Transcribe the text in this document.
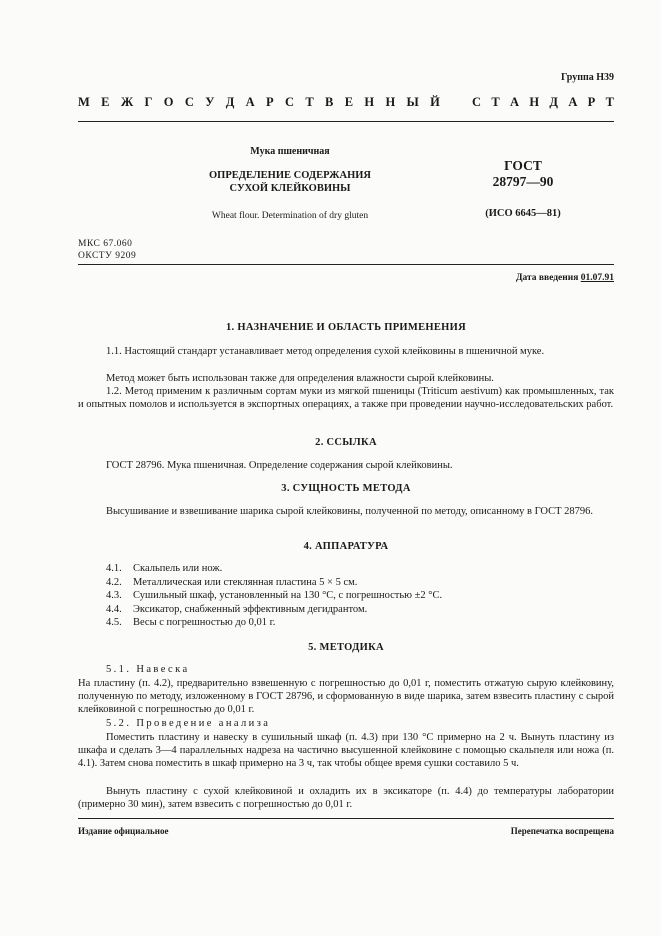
Группа Н39
М Е Ж Г О С У Д А Р С Т В Е Н Н Ы Й	С Т А Н Д А Р Т
Мука пшеничная
ОПРЕДЕЛЕНИЕ СОДЕРЖАНИЯ
СУХОЙ КЛЕЙКОВИНЫ
Wheat flour. Determination of dry gluten
ГОСТ
28797—90
(ИСО 6645—81)
МКС 67.060
ОКСТУ 9209
Дата введения 01.07.91
1. НАЗНАЧЕНИЕ И ОБЛАСТЬ ПРИМЕНЕНИЯ
1.1. Настоящий стандарт устанавливает метод определения сухой клейковины в пшеничной муке.
Метод может быть использован также для определения влажности сырой клейковины.
1.2. Метод применим к различным сортам муки из мягкой пшеницы (Triticum aestivum) как промышленных, так и опытных помолов и используется в экспортных операциях, а также при проведении научно-исследовательских работ.
2. ССЫЛКА
ГОСТ 28796. Мука пшеничная. Определение содержания сырой клейковины.
3. СУЩНОСТЬ МЕТОДА
Высушивание и взвешивание шарика сырой клейковины, полученной по методу, описанному в ГОСТ 28796.
4. АППАРАТУРА
4.1. Скальпель или нож.
4.2. Металлическая или стеклянная пластина 5 × 5 см.
4.3. Сушильный шкаф, установленный на 130 °С, с погрешностью ±2 °С.
4.4. Эксикатор, снабженный эффективным дегидрантом.
4.5. Весы с погрешностью до 0,01 г.
5. МЕТОДИКА
5.1. Навеска
На пластину (п. 4.2), предварительно взвешенную с погрешностью до 0,01 г, поместить отжатую сырую клейковину, полученную по методу, изложенному в ГОСТ 28796, и сформованную в виде шарика, затем взвесить пластину с сырой клейковиной с погрешностью до 0,01 г.
5.2. Проведение анализа
Поместить пластину и навеску в сушильный шкаф (п. 4.3) при 130 °С примерно на 2 ч. Вынуть пластину из шкафа и сделать 3—4 параллельных надреза на частично высушенной клейковине с помощью скальпеля или ножа (п. 4.1). Затем снова поместить в шкаф примерно на 3 ч, так чтобы общее время сушки составило 5 ч.
Вынуть пластину с сухой клейковиной и охладить их в эксикаторе (п. 4.4) до температуры лаборатории (примерно 30 мин), затем взвесить с погрешностью до 0,01 г.
Издание официальное	Перепечатка воспрещена
